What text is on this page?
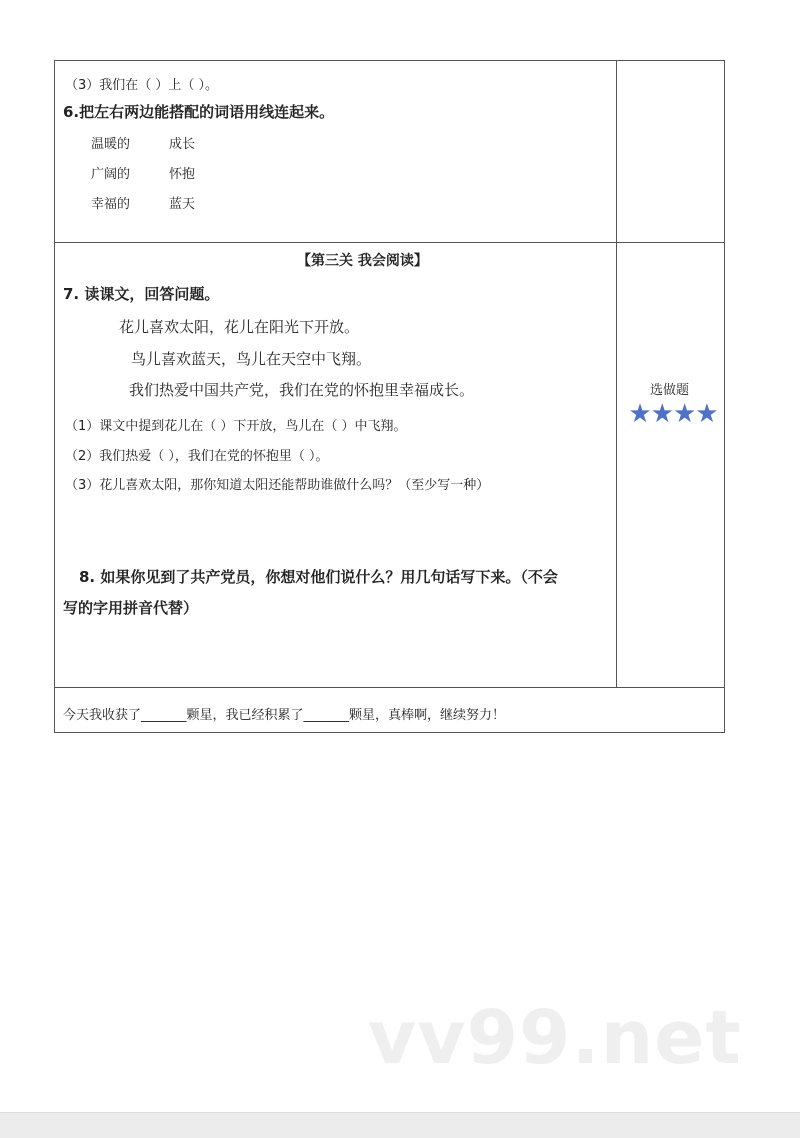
（3）我们在（ ）上（ ）。
6.把左右两边能搭配的词语用线连起来。
温暖的	成长
广阔的	怀抱
幸福的	蓝天
【第三关 我会阅读】
7. 读课文，回答问题。
花儿喜欢太阳，花儿在阳光下开放。
鸟儿喜欢蓝天，鸟儿在天空中飞翔。
我们热爱中国共产党，我们在党的怀抱里幸福成长。
（1）课文中提到花儿在（ ）下开放，鸟儿在（ ）中飞翔。
（2）我们热爱（ ），我们在党的怀抱里（ ）。
（3）花儿喜欢太阳，那你知道太阳还能帮助谁做什么吗？（至少写一种）
8. 如果你见到了共产党员，你想对他们说什么？用几句话写下来。（不会
写的字用拼音代替）
选做题
★★★★
今天我收获了_______颗星，我已经积累了_______颗星，真棒啊，继续努力！
vv99.net
